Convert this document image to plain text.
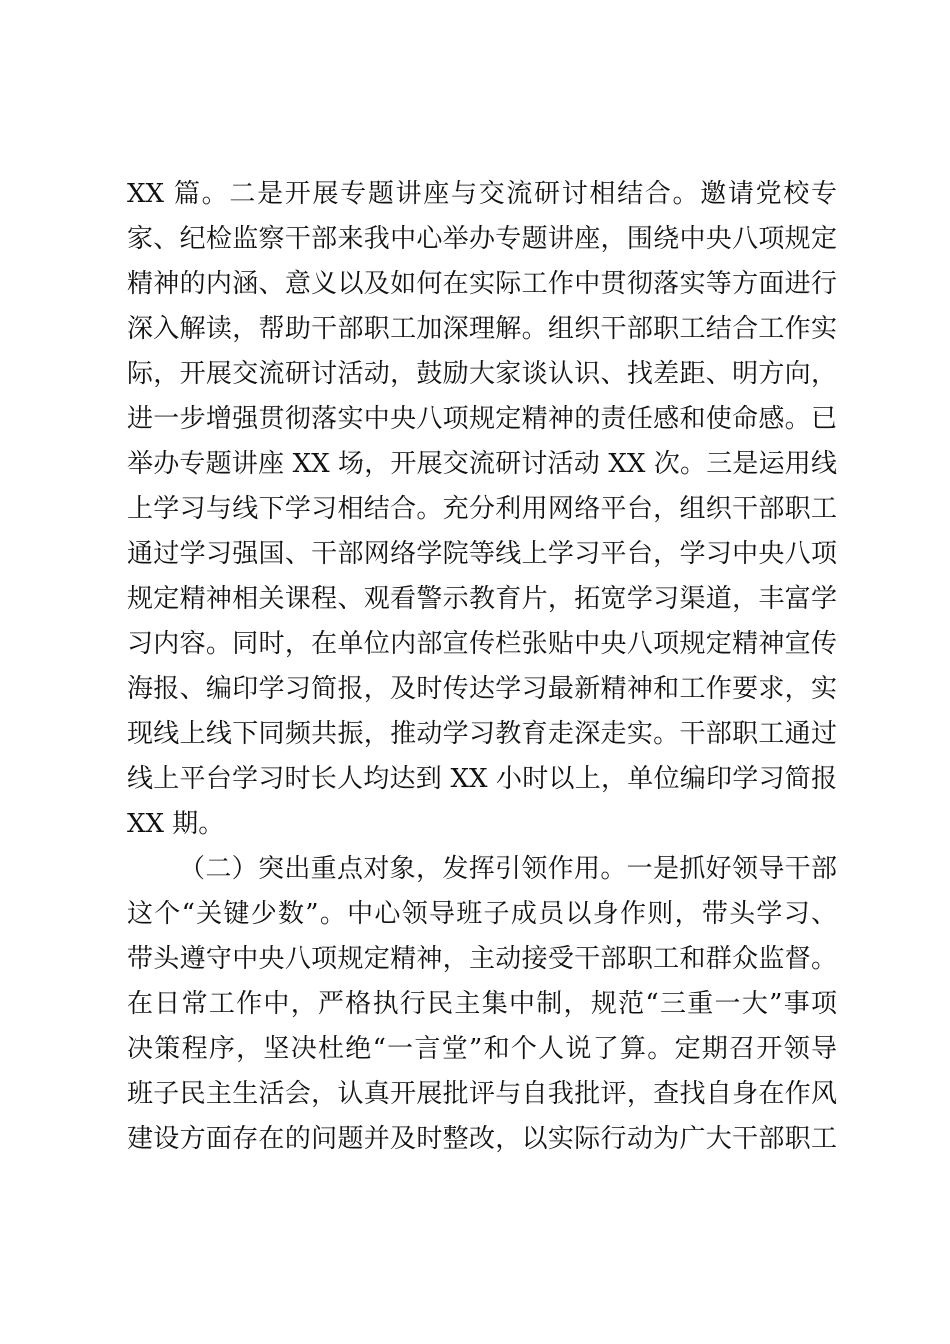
XX 篇。二是开展专题讲座与交流研讨相结合。邀请党校专
家、纪检监察干部来我中心举办专题讲座，围绕中央八项规定
精神的内涵、意义以及如何在实际工作中贯彻落实等方面进行
深入解读，帮助干部职工加深理解。组织干部职工结合工作实
际，开展交流研讨活动，鼓励大家谈认识、找差距、明方向，
进一步增强贯彻落实中央八项规定精神的责任感和使命感。已
举办专题讲座 XX 场，开展交流研讨活动 XX 次。三是运用线
上学习与线下学习相结合。充分利用网络平台，组织干部职工
通过学习强国、干部网络学院等线上学习平台，学习中央八项
规定精神相关课程、观看警示教育片，拓宽学习渠道，丰富学
习内容。同时，在单位内部宣传栏张贴中央八项规定精神宣传
海报、编印学习简报，及时传达学习最新精神和工作要求，实
现线上线下同频共振，推动学习教育走深走实。干部职工通过
线上平台学习时长人均达到 XX 小时以上，单位编印学习简报
XX 期。
（二）突出重点对象，发挥引领作用。一是抓好领导干部
这个“关键少数”。中心领导班子成员以身作则，带头学习、
带头遵守中央八项规定精神，主动接受干部职工和群众监督。
在日常工作中，严格执行民主集中制，规范“三重一大”事项
决策程序，坚决杜绝“一言堂”和个人说了算。定期召开领导
班子民主生活会，认真开展批评与自我批评，查找自身在作风
建设方面存在的问题并及时整改，以实际行动为广大干部职工
